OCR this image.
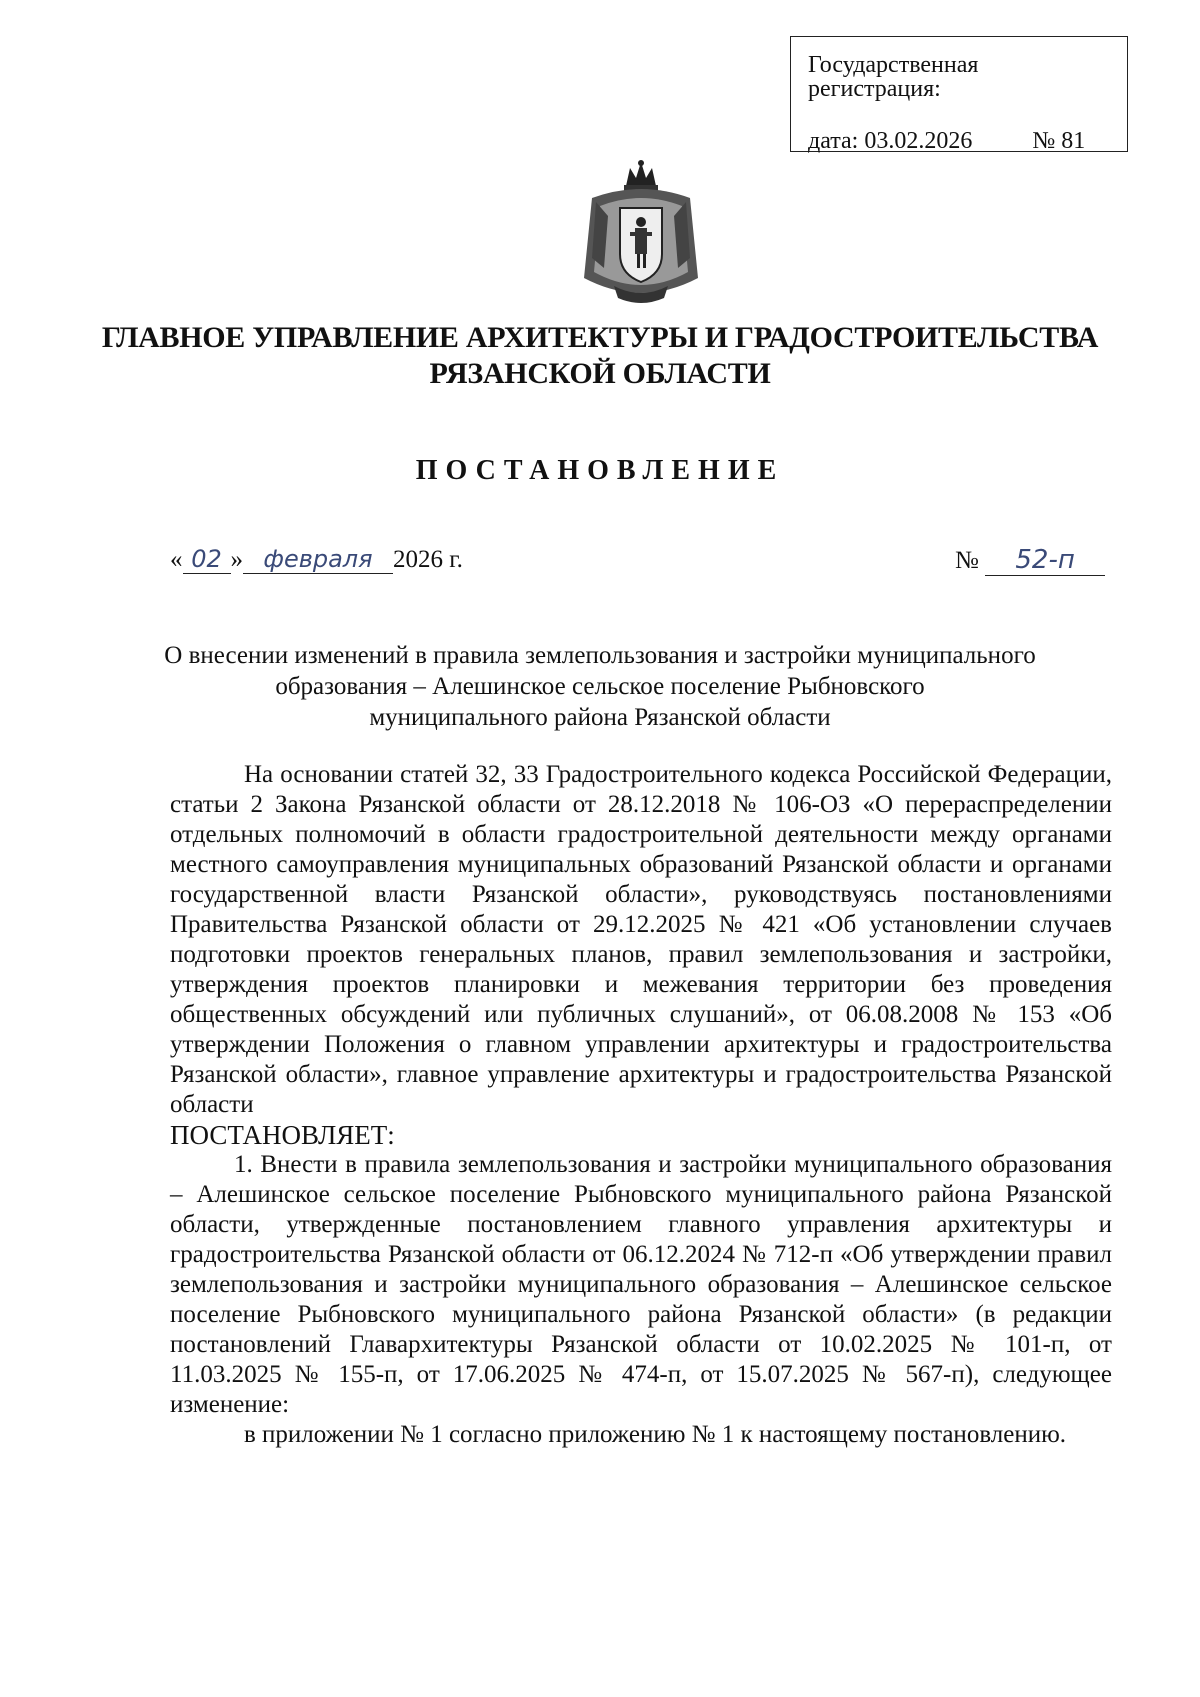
Государственная регистрация:
дата: 03.02.2026	№ 81
ГЛАВНОЕ УПРАВЛЕНИЕ АРХИТЕКТУРЫ И ГРАДОСТРОИТЕЛЬСТВА
РЯЗАНСКОЙ ОБЛАСТИ
ПОСТАНОВЛЕНИЕ
« 02 » февраля 2026 г.	№ 52-п
О внесении изменений в правила землепользования и застройки муниципального
образования – Алешинское сельское поселение Рыбновского
муниципального района Рязанской области

На основании статей 32, 33 Градостроительного кодекса Российской Федерации, статьи 2 Закона Рязанской области от 28.12.2018 № 106-ОЗ «О перераспределении отдельных полномочий в области градостроительной деятельности между органами местного самоуправления муниципальных образований Рязанской области и органами государственной власти Рязанской области», руководствуясь постановлениями Правительства Рязанской области от 29.12.2025 № 421 «Об установлении случаев подготовки проектов генеральных планов, правил землепользования и застройки, утверждения проектов планировки и межевания территории без проведения общественных обсуждений или публичных слушаний», от 06.08.2008 № 153 «Об утверждении Положения о главном управлении архитектуры и градостроительства Рязанской области», главное управление архитектуры и градостроительства Рязанской области

ПОСТАНОВЛЯЕТ:

1. Внести в правила землепользования и застройки муниципального образования – Алешинское сельское поселение Рыбновского муниципального района Рязанской области, утвержденные постановлением главного управления архитектуры и градостроительства Рязанской области от 06.12.2024 № 712-п «Об утверждении правил землепользования и застройки муниципального образования – Алешинское сельское поселение Рыбновского муниципального района Рязанской области» (в редакции постановлений Главархитектуры Рязанской области от 10.02.2025 № 101-п, от 11.03.2025 № 155-п, от 17.06.2025 № 474-п, от 15.07.2025 № 567-п), следующее изменение:

в приложении № 1 согласно приложению № 1 к настоящему постановлению.
